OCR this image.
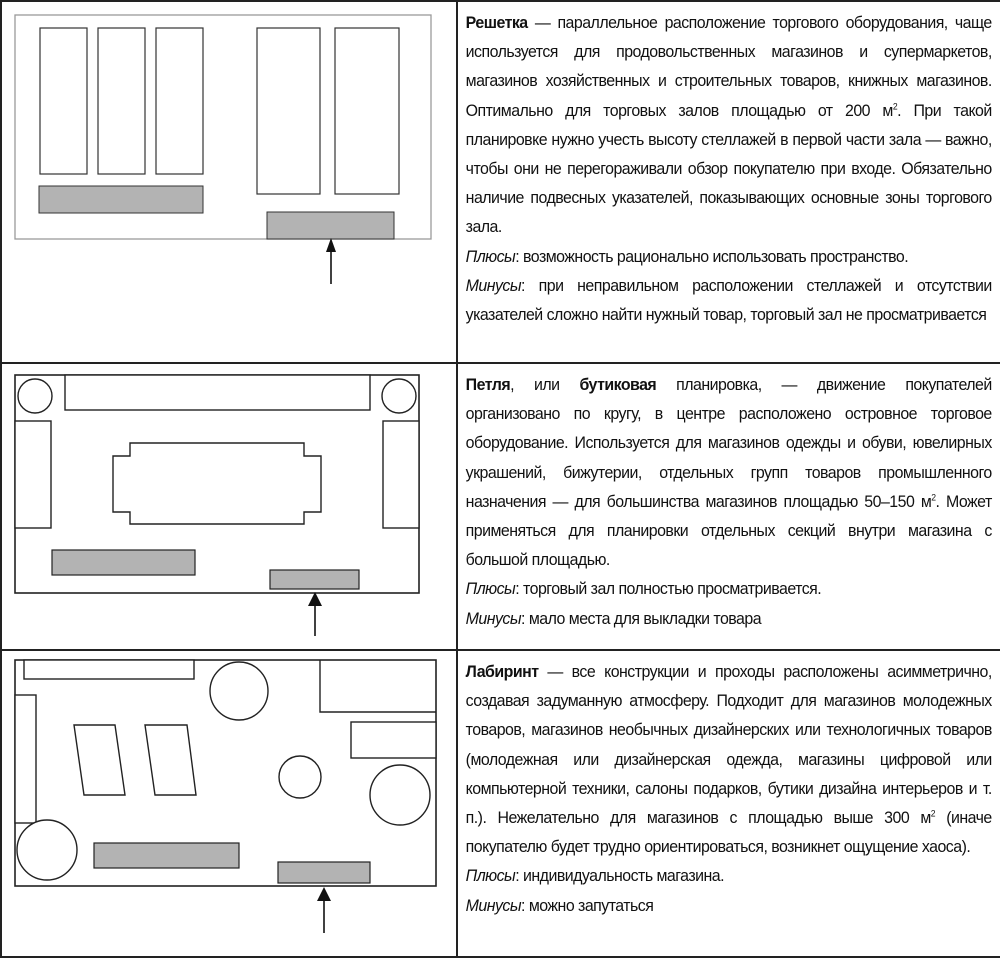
Решетка — параллельное расположение торгового оборудования, чаще используется для продовольственных магазинов и супермаркетов, магазинов хозяйственных и строительных товаров, книжных магазинов. Оптимально для торговых залов площадью от 200 $м^2$. При такой планировке нужно учесть высоту стеллажей в первой части зала — важно, чтобы они не перегораживали обзор покупателю при входе. Обязательно наличие подвесных указателей, показывающих основные зоны торгового зала.

Плюсы: возможность рационально использовать пространство.

Минусы: при неправильном расположении стеллажей и отсутствии указателей сложно найти нужный товар, торговый зал не просматривается

Петля, или бутиковая планировка, — движение покупателей организовано по кругу, в центре расположено островное торговое оборудование. Используется для магазинов одежды и обуви, ювелирных украшений, бижутерии, отдельных групп товаров промышленного назначения — для большинства магазинов площадью 50–150 $м^2$. Может применяться для планировки отдельных секций внутри магазина с большой площадью.

Плюсы: торговый зал полностью просматривается.

Минусы: мало места для выкладки товара

Лабиринт — все конструкции и проходы расположены асимметрично, создавая задуманную атмосферу. Подходит для магазинов молодежных товаров, магазинов необычных дизайнерских или технологичных товаров (молодежная или дизайнерская одежда, магазины цифровой или компьютерной техники, салоны подарков, бутики дизайна интерьеров и т. п.). Нежелательно для магазинов с площадью выше 300 $м^2$ (иначе покупателю будет трудно ориентироваться, возникнет ощущение хаоса).

Плюсы: индивидуальность магазина.

Минусы: можно запутаться
